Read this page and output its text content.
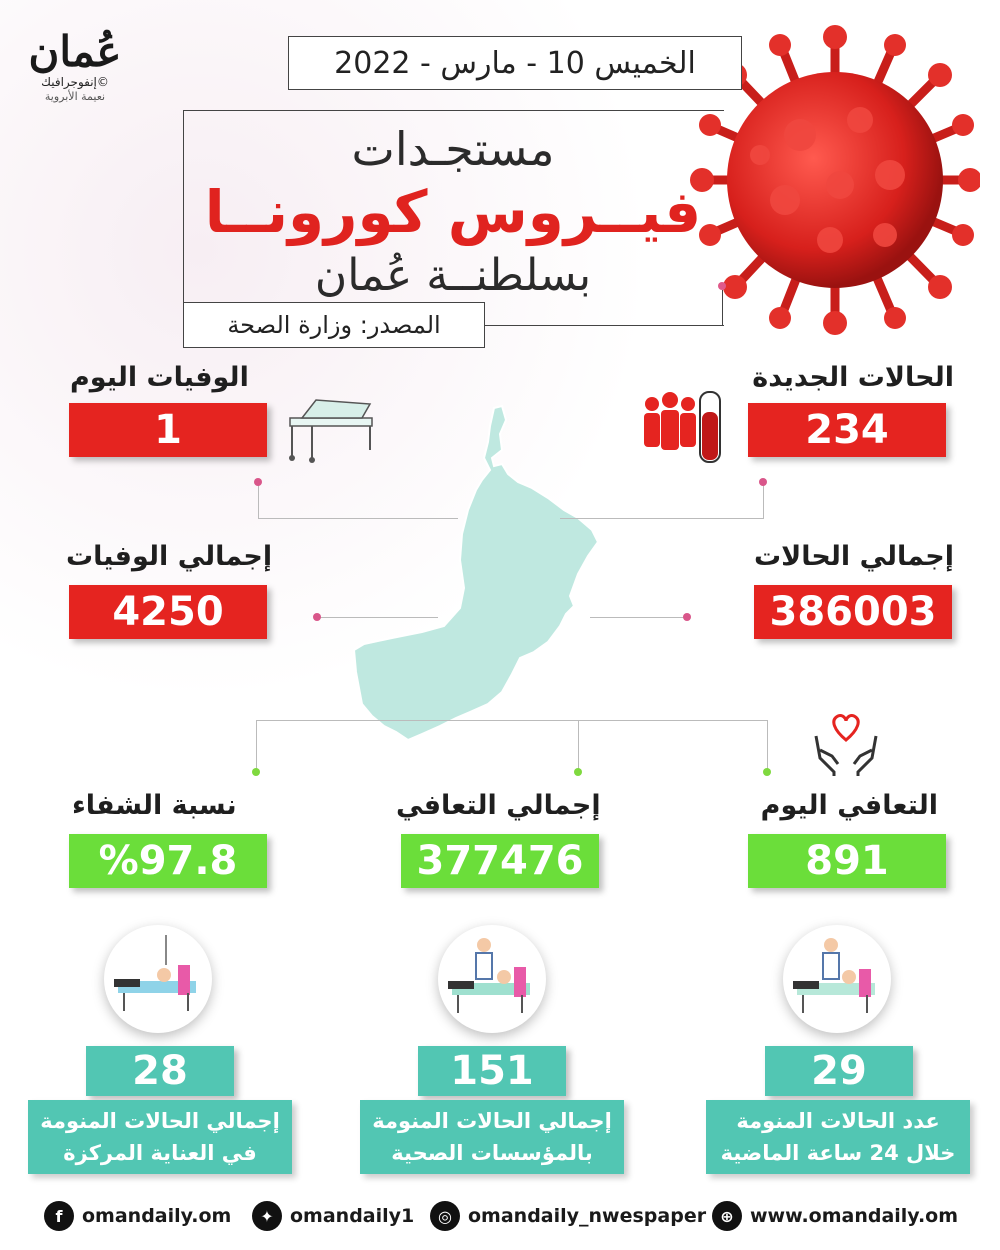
عُمان
إنفوجرافيك©
نعيمة الأبروية
الخميس 10 - مارس - 2022
مستجـدات
فيــروس كورونــا
بسلطنــة عُمان
المصدر: وزارة الصحة
الحالات الجديدة
234
الوفيات اليوم
1
إجمالي الحالات
386003
إجمالي الوفيات
4250
التعافي اليوم
891
إجمالي التعافي
377476
نسبة الشفاء
%97.8
28
إجمالي الحالات المنومة
في العناية المركزة
151
إجمالي الحالات المنومة
بالمؤسسات الصحية
29
عدد الحالات المنومة
خلال 24 ساعة الماضية
f	omandaily.om	✦ omandaily1	◎ omandaily_nwespaper ⊕ www.omandaily.om
